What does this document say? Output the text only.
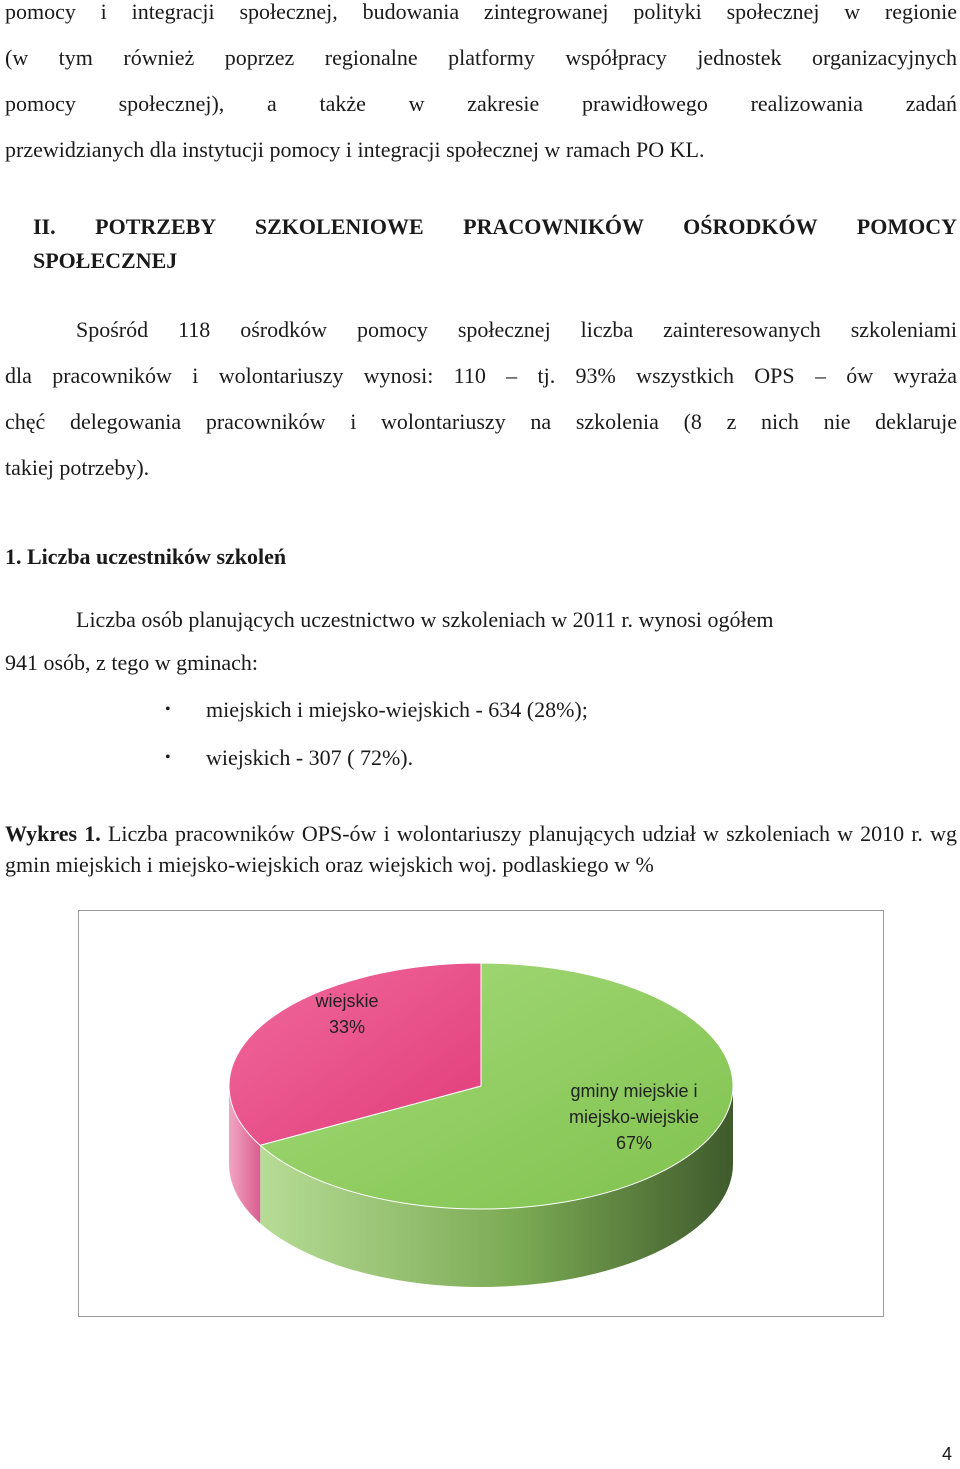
pomocy i integracji społecznej, budowania zintegrowanej polityki społecznej w regionie

(w tym również poprzez regionalne platformy współpracy jednostek organizacyjnych

pomocy społecznej), a także w zakresie prawidłowego realizowania zadań

przewidzianych dla instytucji pomocy i integracji społecznej w ramach PO KL.

II. POTRZEBY SZKOLENIOWE PRACOWNIKÓW OŚRODKÓW POMOCY
SPOŁECZNEJ

Spośród 118 ośrodków pomocy społecznej liczba zainteresowanych szkoleniami

dla pracowników i wolontariuszy wynosi: 110 – tj. 93% wszystkich OPS – ów wyraża

chęć delegowania pracowników i wolontariuszy na szkolenia (8 z nich nie deklaruje

takiej potrzeby).

1. Liczba uczestników szkoleń

Liczba osób planujących uczestnictwo w szkoleniach w 2011 r. wynosi ogółem

941 osób, z tego w gminach:

• miejskich i miejsko-wiejskich - 634 (28%);
• wiejskich - 307 ( 72%).

Wykres 1. Liczba pracowników OPS-ów i wolontariuszy planujących udział w szkoleniach w 2010 r. wg gmin miejskich i miejsko-wiejskich oraz wiejskich woj. podlaskiego w %

wiejskie 33%
gminy miejskie i miejsko-wiejskie 67%
4
